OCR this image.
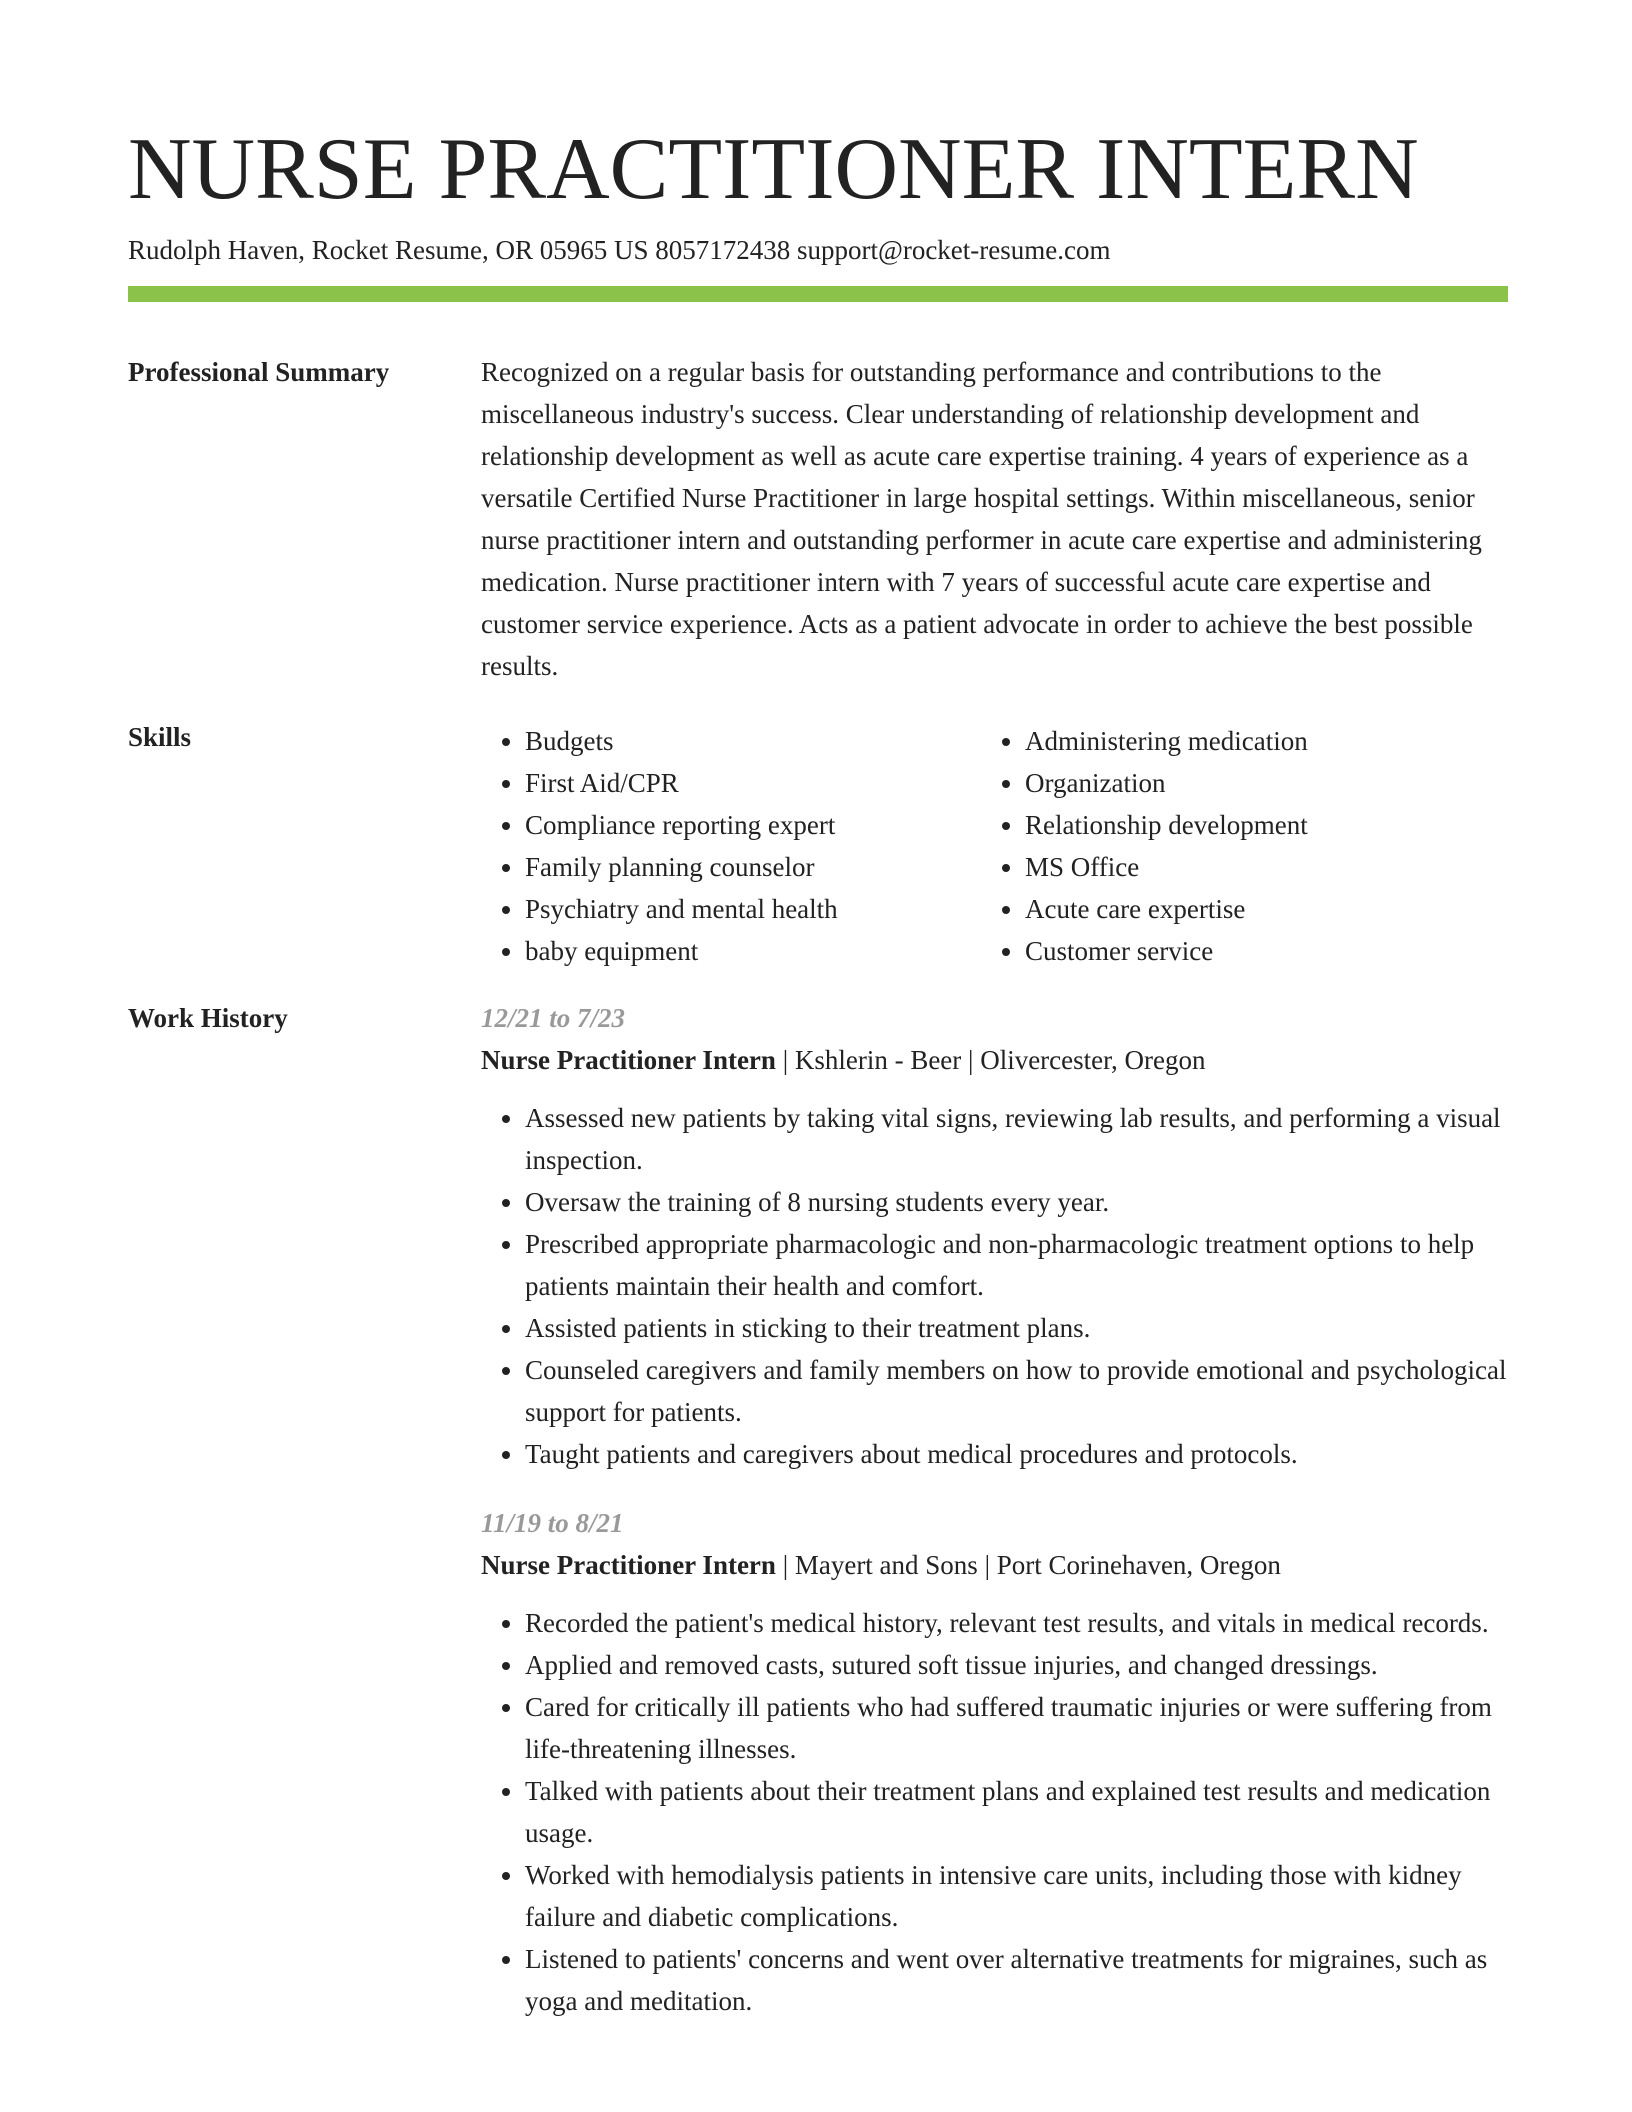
NURSE PRACTITIONER INTERN
Rudolph Haven, Rocket Resume, OR 05965 US 8057172438 support@rocket-resume.com
Professional Summary	Recognized on a regular basis for outstanding performance and contributions to the miscellaneous industry's success. Clear understanding of relationship development and relationship development as well as acute care expertise training. 4 years of experience as a versatile Certified Nurse Practitioner in large hospital settings. Within miscellaneous, senior nurse practitioner intern and outstanding performer in acute care expertise and administering medication. Nurse practitioner intern with 7 years of successful acute care expertise and customer service experience. Acts as a patient advocate in order to achieve the best possible results.

Skills
•	Budgets
• First Aid/CPR
• Compliance reporting expert
• Family planning counselor
• Psychiatry and mental health
• baby equipment
• Administering medication
• Organization
• Relationship development
• MS Office
• Acute care expertise
• Customer service
Work History	12/21 to 7/23
Nurse Practitioner Intern | Kshlerin - Beer | Olivercester, Oregon
• Assessed new patients by taking vital signs, reviewing lab results, and performing a visual inspection.
• Oversaw the training of 8 nursing students every year.
• Prescribed appropriate pharmacologic and non-pharmacologic treatment options to help patients maintain their health and comfort.
• Assisted patients in sticking to their treatment plans.
• Counseled caregivers and family members on how to provide emotional and psychological support for patients.
• Taught patients and caregivers about medical procedures and protocols.
11/19 to 8/21
Nurse Practitioner Intern | Mayert and Sons | Port Corinehaven, Oregon
• Recorded the patient's medical history, relevant test results, and vitals in medical records.
• Applied and removed casts, sutured soft tissue injuries, and changed dressings.
• Cared for critically ill patients who had suffered traumatic injuries or were suffering from life-threatening illnesses.
• Talked with patients about their treatment plans and explained test results and medication usage.
• Worked with hemodialysis patients in intensive care units, including those with kidney failure and diabetic complications.
• Listened to patients' concerns and went over alternative treatments for migraines, such as yoga and meditation.
